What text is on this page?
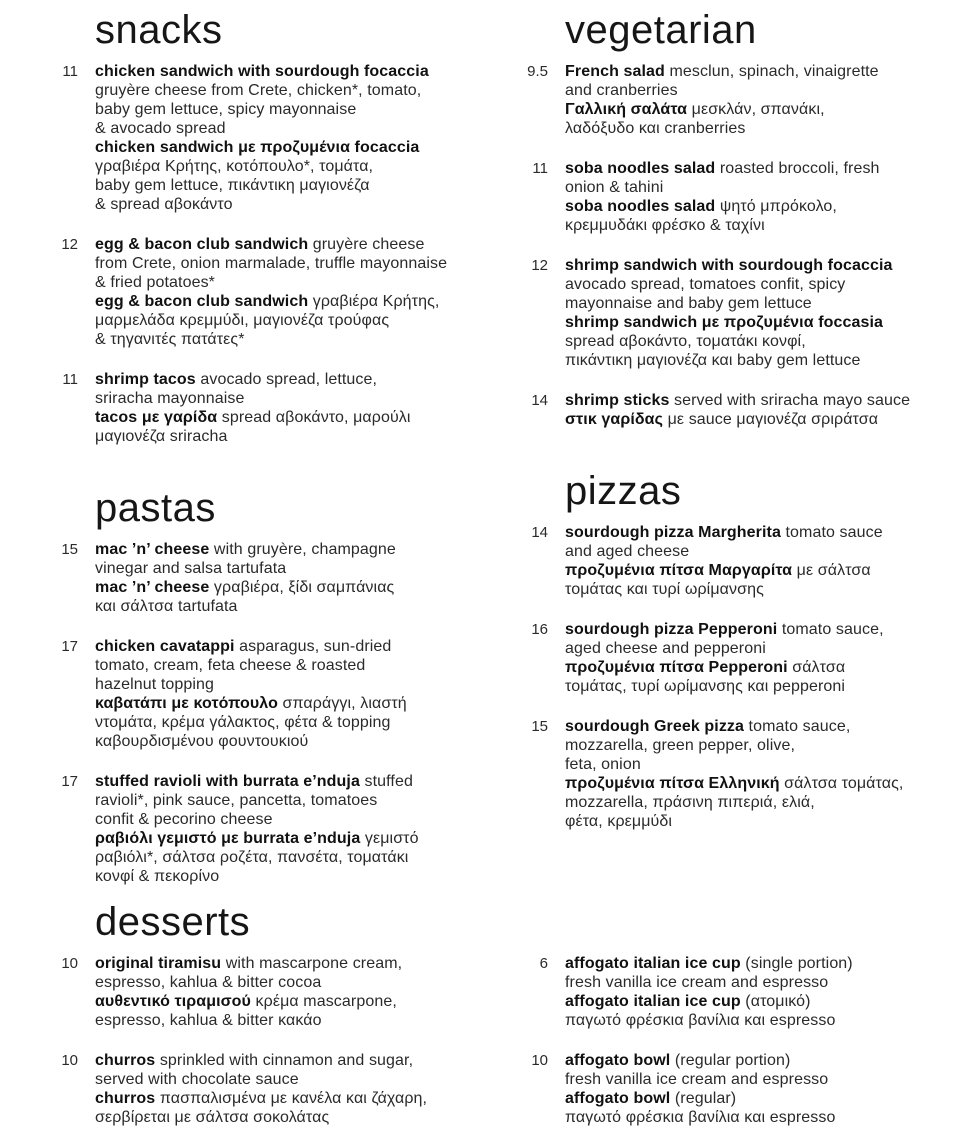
snacks
11	chicken sandwich with sourdough focaccia
gruyère cheese from Crete, chicken*, tomato,
baby gem lettuce, spicy mayonnaise
& avocado spread
chicken sandwich με προζυμένια focaccia
γραβιέρα Κρήτης, κοτόπουλο*, τομάτα,
baby gem lettuce, πικάντικη μαγιονέζα
& spread αβοκάντο
12	egg & bacon club sandwich gruyère cheese
from Crete, onion marmalade, truffle mayonnaise
& fried potatoes*
egg & bacon club sandwich γραβιέρα Κρήτης,
μαρμελάδα κρεμμύδι, μαγιονέζα τρούφας
& τηγανιτές πατάτες*
11	shrimp tacos avocado spread, lettuce,
sriracha mayonnaise
tacos με γαρίδα spread αβοκάντο, μαρούλι
μαγιονέζα sriracha
pastas
15	mac ’n’ cheese with gruyère, champagne
vinegar and salsa tartufata
mac ’n’ cheese γραβιέρα, ξίδι σαμπάνιας
και σάλτσα tartufata
17	chicken cavatappi asparagus, sun-dried
tomato, cream, feta cheese & roasted
hazelnut topping
καβατάπι με κοτόπουλο σπαράγγι, λιαστή
ντομάτα, κρέμα γάλακτος, φέτα & topping
καβουρδισμένου φουντουκιού
17	stuffed ravioli with burrata e’nduja stuffed
ravioli*, pink sauce, pancetta, tomatoes
confit & pecorino cheese
ραβιόλι γεμιστό με burrata e’nduja γεμιστό
ραβιόλι*, σάλτσα ροζέτα, πανσέτα, τοματάκι
κονφί & πεκορίνο
desserts
10	original tiramisu with mascarpone cream,
espresso, kahlua & bitter cocoa
αυθεντικό τιραμισού κρέμα mascarpone,
espresso, kahlua & bitter κακάο
10	churros sprinkled with cinnamon and sugar,
served with chocolate sauce
churros πασπαλισμένα με κανέλα και ζάχαρη,
σερβίρεται με σάλτσα σοκολάτας
vegetarian
9.5	French salad mesclun, spinach, vinaigrette
and cranberries
Γαλλική σαλάτα μεσκλάν, σπανάκι,
λαδόξυδο και cranberries
11	soba noodles salad roasted broccoli, fresh
onion & tahini
soba noodles salad ψητό μπρόκολο,
κρεμμυδάκι φρέσκο & ταχίνι
12	shrimp sandwich with sourdough focaccia
avocado spread, tomatoes confit, spicy
mayonnaise and baby gem lettuce
shrimp sandwich με προζυμένια foccasia
spread αβοκάντο, τοματάκι κονφί,
πικάντικη μαγιονέζα και baby gem lettuce
14	shrimp sticks served with sriracha mayo sauce
στικ γαρίδας με sauce μαγιονέζα σριράτσα
pizzas
14	sourdough pizza Margherita tomato sauce
and aged cheese
προζυμένια πίτσα Μαργαρίτα με σάλτσα
τομάτας και τυρί ωρίμανσης
16	sourdough pizza Pepperoni tomato sauce,
aged cheese and pepperoni
προζυμένια πίτσα Pepperoni σάλτσα
τομάτας, τυρί ωρίμανσης και pepperoni
15	sourdough Greek pizza tomato sauce,
mozzarella, green pepper, olive,
feta, onion
προζυμένια πίτσα Ελληνική σάλτσα τομάτας,
mozzarella, πράσινη πιπεριά, ελιά,
φέτα, κρεμμύδι
6	affogato italian ice cup (single portion)
fresh vanilla ice cream and espresso
affogato italian ice cup (ατομικό)
παγωτό φρέσκια βανίλια και espresso
10	affogato bowl (regular portion)
fresh vanilla ice cream and espresso
affogato bowl (regular)
παγωτό φρέσκια βανίλια και espresso
